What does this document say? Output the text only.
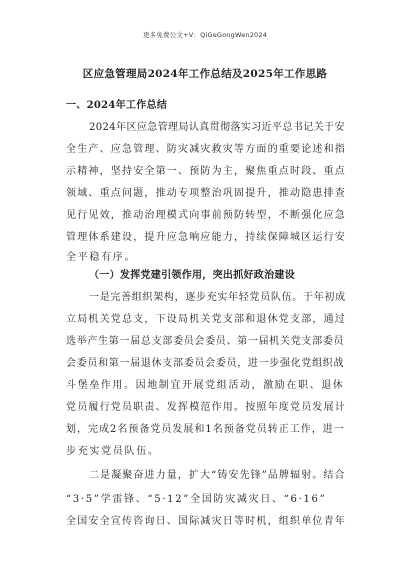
更多免费公文+V：QiGeGongWen2024
区应急管理局2024年工作总结及2025年工作思路
一、2024年工作总结
2024年区应急管理局认真贯彻落实习近平总书记关于安
全生产、应急管理、防灾减灾救灾等方面的重要论述和指
示精神，坚持安全第一、预防为主，聚焦重点时段、重点
领域、重点问题，推动专项整治巩固提升，推动隐患排查
见行见效，推动治理模式向事前预防转型，不断强化应急
管理体系建设，提升应急响应能力，持续保障城区运行安
全平稳有序。
（一）发挥党建引领作用，突出抓好政治建设
一是完善组织架构，逐步充实年轻党员队伍。于年初成
立局机关党总支，下设局机关党支部和退休党支部，通过
选举产生第一届总支部委员会委员、第一届机关党支部委员
会委员和第一届退休支部委员会委员，进一步强化党组织战
斗堡垒作用。因地制宜开展党组活动，激励在职、退休
党员履行党员职责、发挥模范作用。按照年度党员发展计
划，完成2名预备党员发展和1名预备党员转正工作，进一
步充实党员队伍。
二是凝聚奋进力量，扩大“铸安先锋”品牌辐射。结合
“3·5”学雷锋、“5·12”全国防灾减灾日、“6·16”
全国安全宣传咨询日、国际减灾日等时机，组织单位青年
